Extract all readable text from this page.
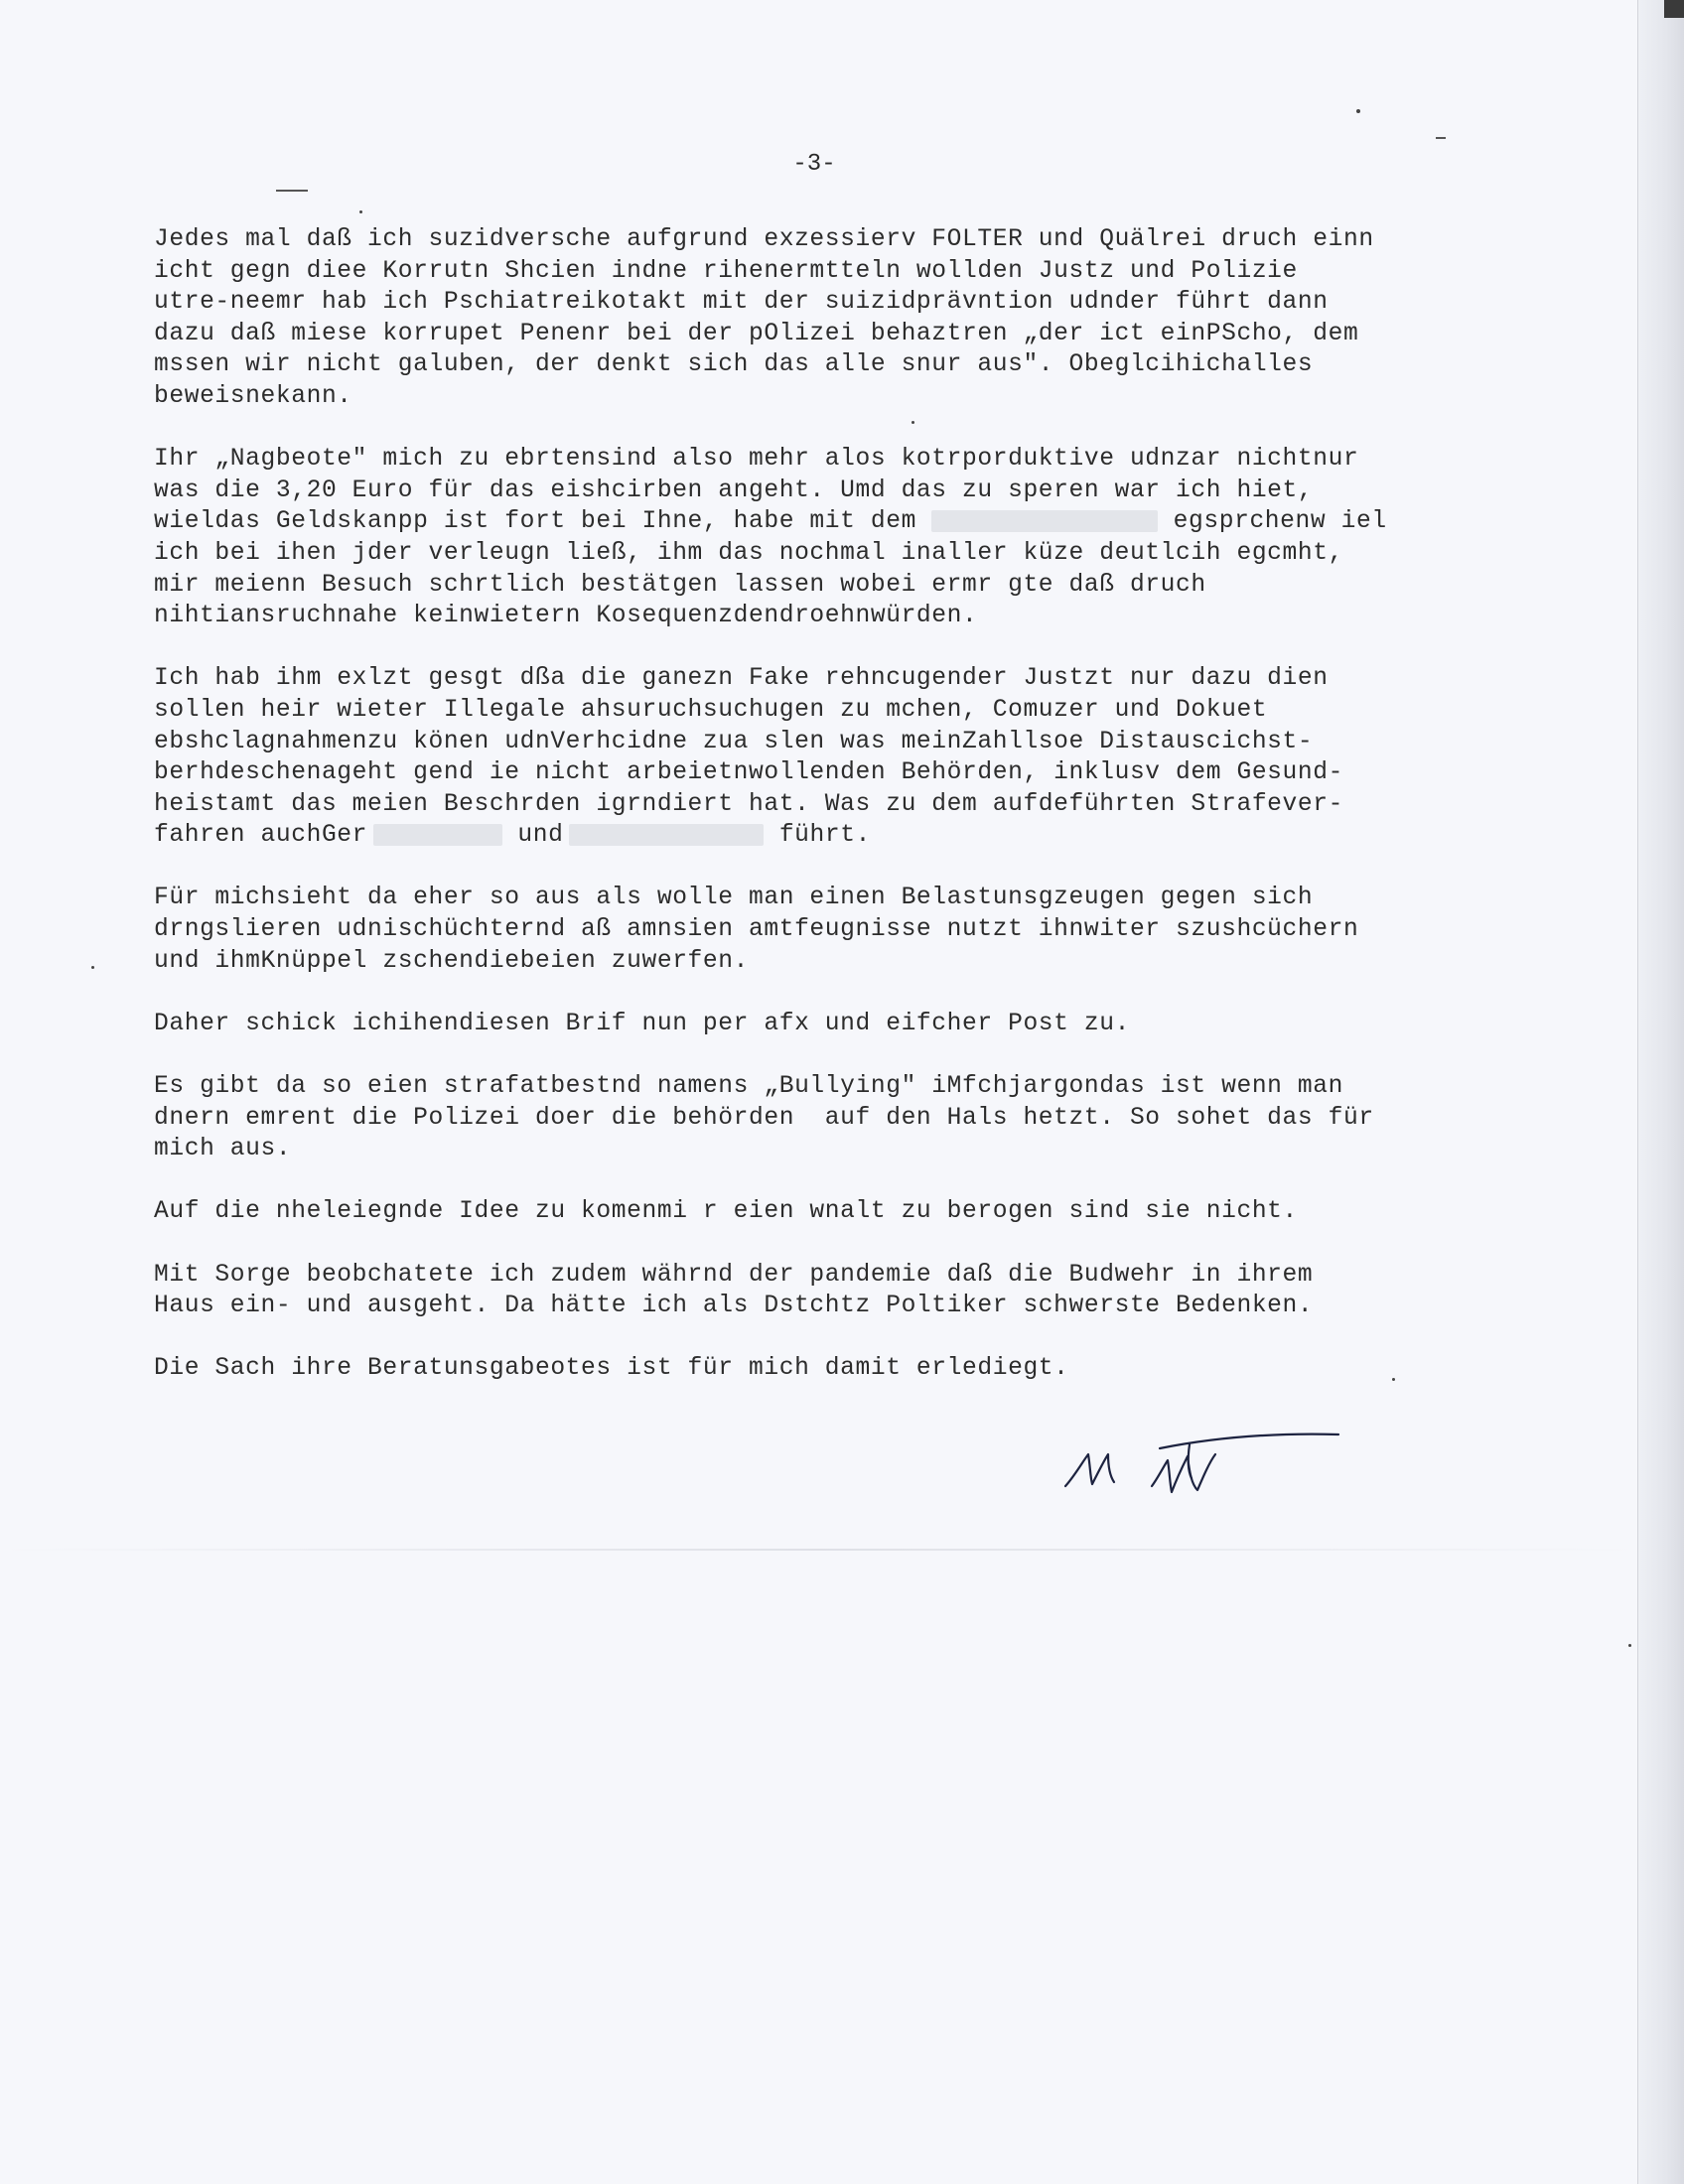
-3-
Jedes mal daß ich suzidversche aufgrund exzessierv FOLTER und Quälrei druch einn
icht gegn diee Korrutn Shcien indne rihenermtteln wollden Justz und Polizie
utre-neemr hab ich Pschiatreikotakt mit der suizidprävntion udnder führt dann
dazu daß miese korrupet Penenr bei der pOlizei behaztren „der ict einPScho, dem
mssen wir nicht galuben, der denkt sich das alle snur aus". Obeglcihichalles
beweisnekann.
Ihr „Nagbeote" mich zu ebrtensind also mehr alos kotrporduktive udnzar nichtnur
was die 3,20 Euro für das eishcirben angeht. Umd das zu speren war ich hiet,
wieldas Geldskanpp ist fort bei Ihne, habe mit dem	egsprchenw iel
ich bei ihen jder verleugn ließ, ihm das nochmal inaller küze deutlcih egcmht,
mir meienn Besuch schrtlich bestätgen lassen wobei ermr gte daß druch
nihtiansruchnahe keinwietern Kosequenzdendroehnwürden.
Ich hab ihm exlzt gesgt dßa die ganezn Fake rehncugender Justzt nur dazu dien
sollen heir wieter Illegale ahsuruchsuchugen zu mchen, Comuzer und Dokuet
ebshclagnahmenzu könen udnVerhcidne zua slen was meinZahllsoe Distauscichst-
berhdeschenageht gend ie nicht arbeietnwollenden Behörden, inklusv dem Gesund-
heistamt das meien Beschrden igrndiert hat. Was zu dem aufdeführten Strafever-
fahren auchGer	und	führt.
Für michsieht da eher so aus als wolle man einen Belastunsgzeugen gegen sich
drngslieren udnischüchternd aß amnsien amtfeugnisse nutzt ihnwiter szushcüchern
und ihmKnüppel zschendiebeien zuwerfen.
Daher schick ichihendiesen Brif nun per afx und eifcher Post zu.
Es gibt da so eien strafatbestnd namens „Bullying" iMfchjargondas ist wenn man
dnern emrent die Polizei doer die behörden  auf den Hals hetzt. So sohet das für
mich aus.
Auf die nheleiegnde Idee zu komenmi r eien wnalt zu berogen sind sie nicht.
Mit Sorge beobchatete ich zudem währnd der pandemie daß die Budwehr in ihrem
Haus ein- und ausgeht. Da hätte ich als Dstchtz Poltiker schwerste Bedenken.
Die Sach ihre Beratunsgabeotes ist für mich damit erlediegt.
